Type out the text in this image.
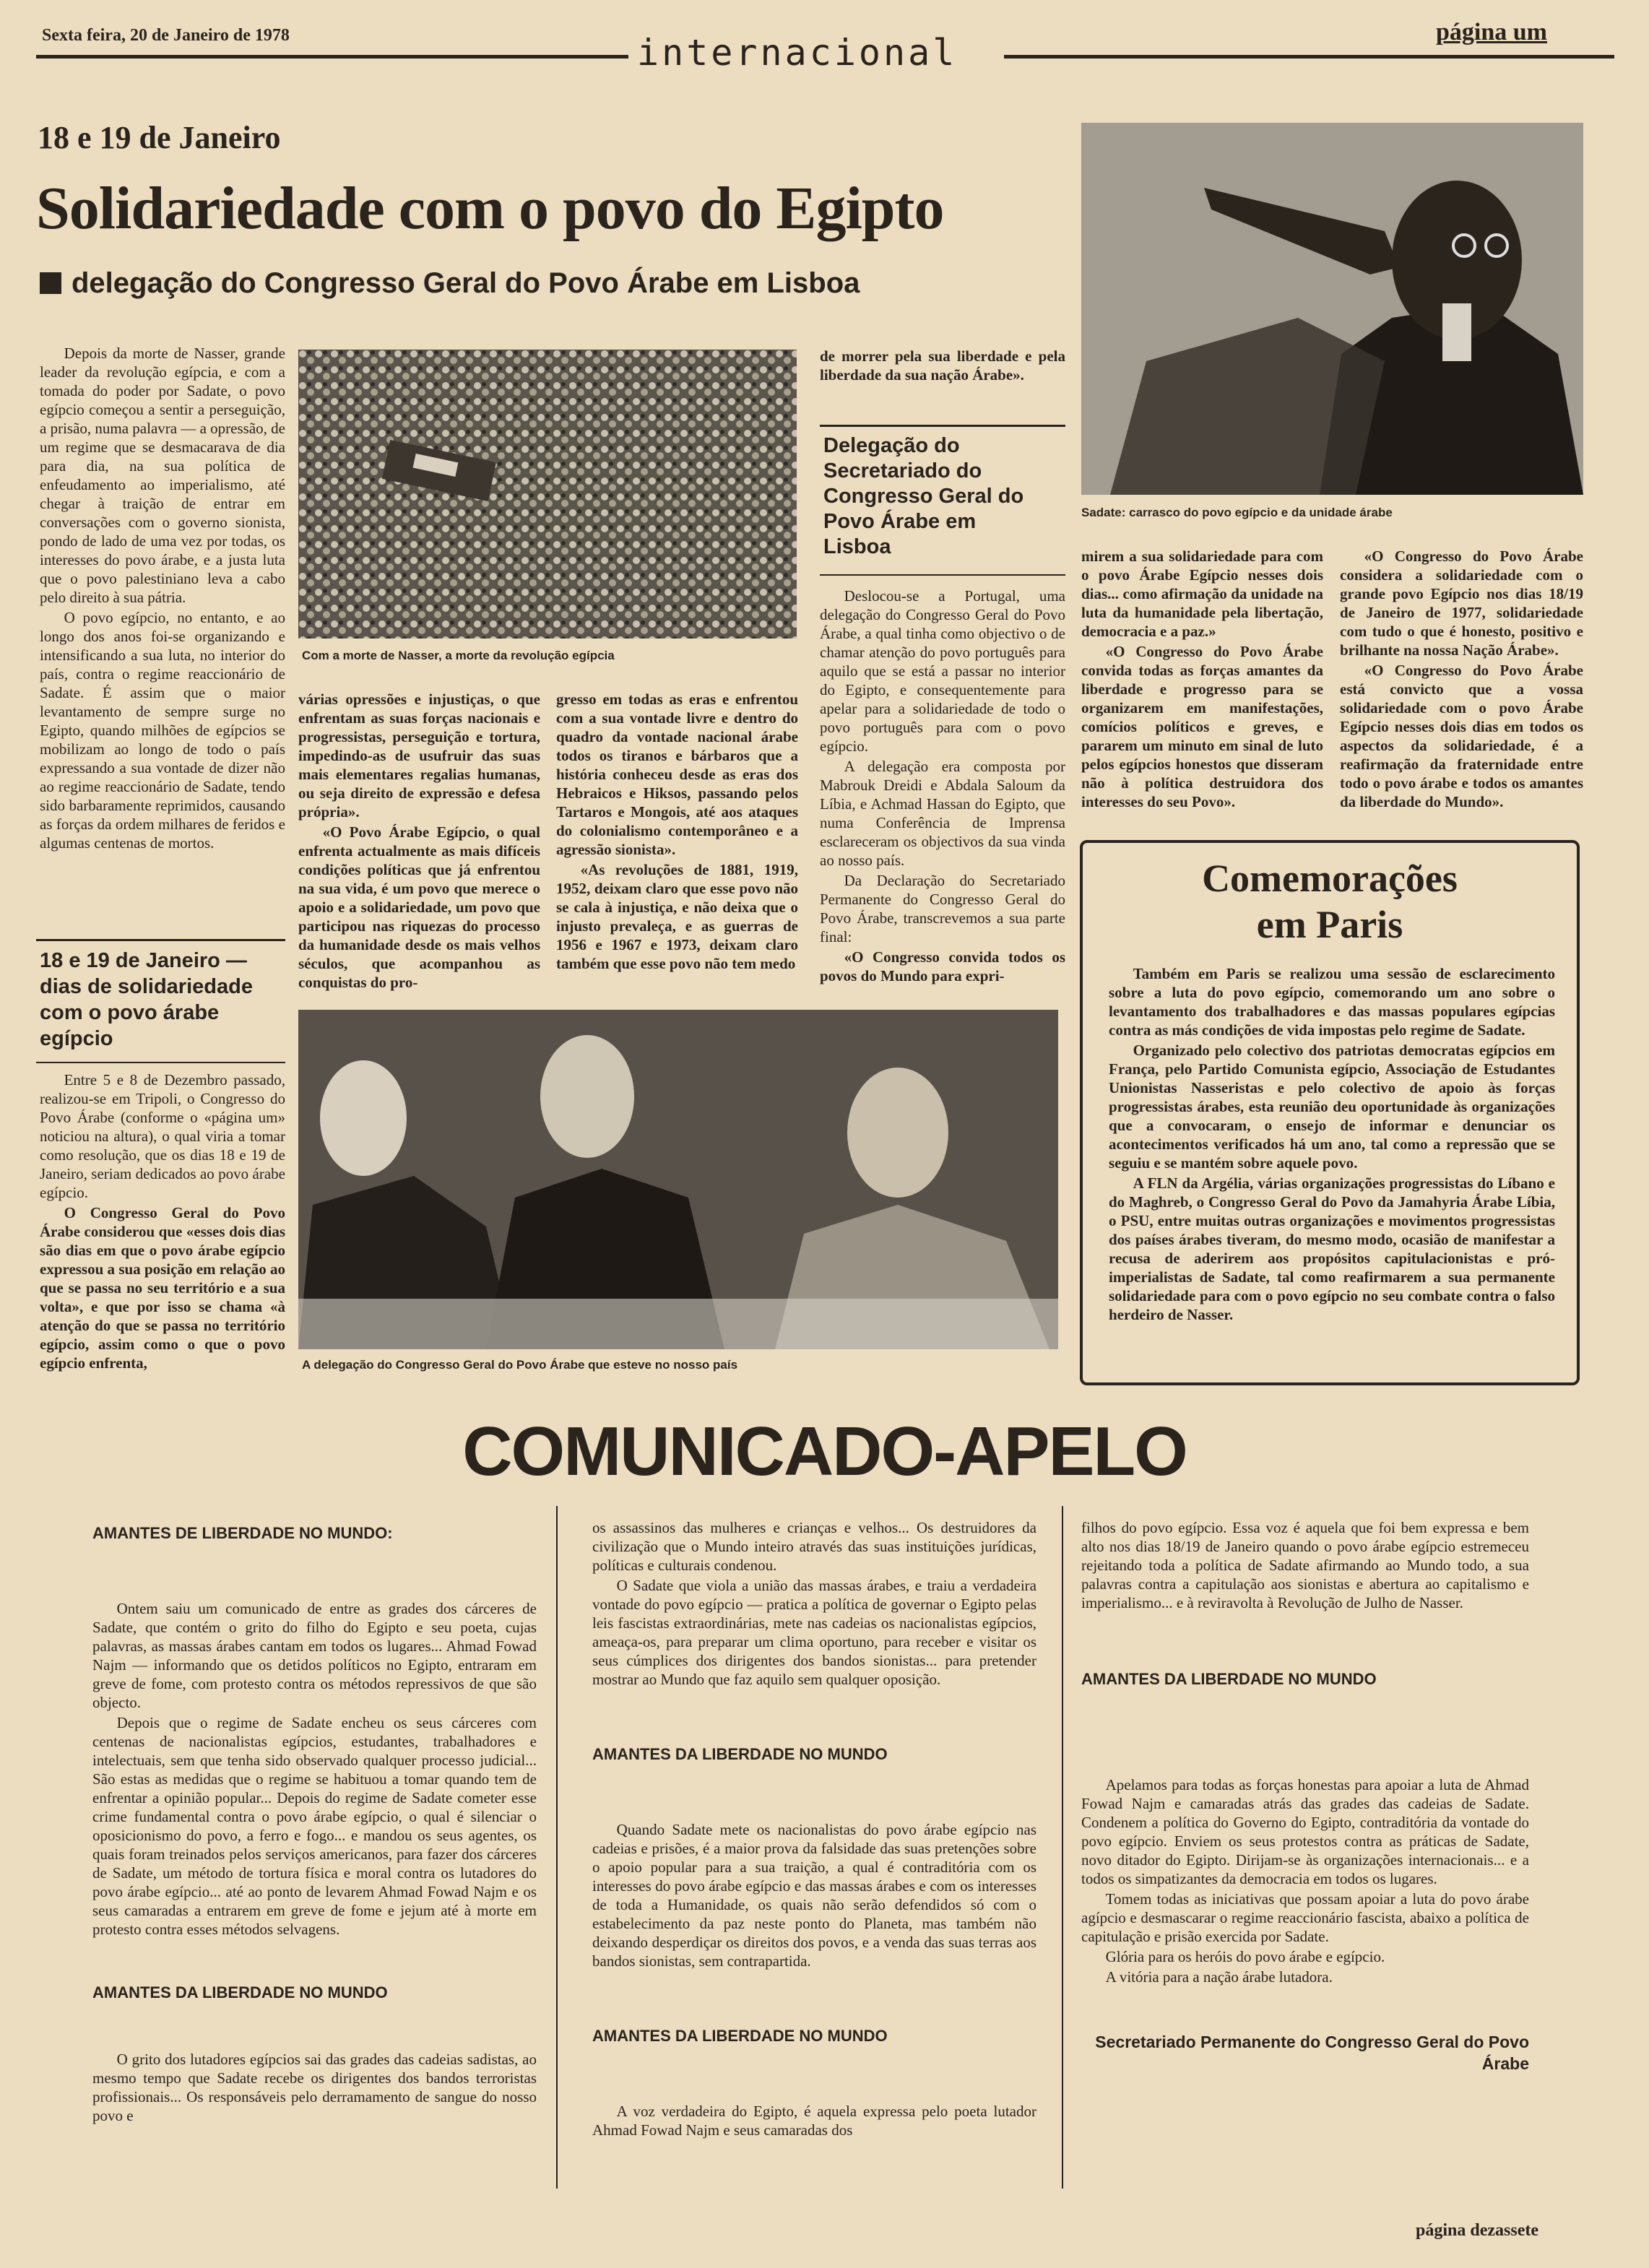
Sexta feira, 20 de Janeiro de 1978	internacional	página um
18 e 19 de Janeiro
Solidariedade com o povo do Egipto
delegação do Congresso Geral do Povo Árabe em Lisboa

Depois da morte de Nasser, grande leader da revolução egípcia, e com a tomada do poder por Sadate, o povo egípcio começou a sentir a perseguição, a prisão, numa palavra — a opressão, de um regime que se desmacarava de dia para dia, na sua política de enfeudamento ao imperialismo, até chegar à traição de entrar em conversações com o governo sionista, pondo de lado de uma vez por todas, os interesses do povo árabe, e a justa luta que o povo palestiniano leva a cabo pelo direito à sua pátria.

O povo egípcio, no entanto, e ao longo dos anos foi-se organizando e intensificando a sua luta, no interior do país, contra o regime reaccionário de Sadate. É assim que o maior levantamento de sempre surge no Egipto, quando milhões de egípcios se mobilizam ao longo de todo o país expressando a sua vontade de dizer não ao regime reaccionário de Sadate, tendo sido barbaramente reprimidos, causando as forças da ordem milhares de feridos e algumas centenas de mortos.

18 e 19 de Janeiro — dias de solidariedade com o povo árabe egípcio

Entre 5 e 8 de Dezembro passado, realizou-se em Tripoli, o Congresso do Povo Árabe (conforme o «página um» noticiou na altura), o qual viria a tomar como resolução, que os dias 18 e 19 de Janeiro, seriam dedicados ao povo árabe egípcio.

O Congresso Geral do Povo Árabe considerou que «esses dois dias são dias em que o povo árabe egípcio expressou a sua posição em relação ao que se passa no seu território e a sua volta», e que por isso se chama «à atenção do que se passa no território egípcio, assim como o que o povo egípcio enfrenta,

Com a morte de Nasser, a morte da revolução egípcia

várias opressões e injustiças, o que enfrentam as suas forças nacionais e progressistas, perseguição e tortura, impedindo-as de usufruir das suas mais elementares regalias humanas, ou seja direito de expressão e defesa própria».

«O Povo Árabe Egípcio, o qual enfrenta actualmente as mais difíceis condições políticas que já enfrentou na sua vida, é um povo que merece o apoio e a solidariedade, um povo que participou nas riquezas do processo da humanidade desde os mais velhos séculos, que acompanhou as conquistas do pro-

gresso em todas as eras e enfrentou com a sua vontade livre e dentro do quadro da vontade nacional árabe todos os tiranos e bárbaros que a história conheceu desde as eras dos Hebraicos e Hiksos, passando pelos Tartaros e Mongois, até aos ataques do colonialismo contemporâneo e a agressão sionista».

«As revoluções de 1881, 1919, 1952, deixam claro que esse povo não se cala à injustiça, e não deixa que o injusto prevaleça, e as guerras de 1956 e 1967 e 1973, deixam claro também que esse povo não tem medo

de morrer pela sua liberdade e pela liberdade da sua nação Árabe».

Delegação do Secretariado do Congresso Geral do Povo Árabe em Lisboa

Deslocou-se a Portugal, uma delegação do Congresso Geral do Povo Árabe, a qual tinha como objectivo o de chamar atenção do povo português para aquilo que se está a passar no interior do Egipto, e consequentemente para apelar para a solidariedade de todo o povo português para com o povo egípcio.

A delegação era composta por Mabrouk Dreidi e Abdala Saloum da Líbia, e Achmad Hassan do Egipto, que numa Conferência de Imprensa esclareceram os objectivos da sua vinda ao nosso país.

Da Declaração do Secretariado Permanente do Congresso Geral do Povo Árabe, transcrevemos a sua parte final:

«O Congresso convida todos os povos do Mundo para expri-

Sadate: carrasco do povo egípcio e da unidade árabe

mirem a sua solidariedade para com o povo Árabe Egípcio nesses dois dias... como afirmação da unidade na luta da humanidade pela libertação, democracia e a paz.»

«O Congresso do Povo Árabe convida todas as forças amantes da liberdade e progresso para se organizarem em manifestações, comícios políticos e greves, e pararem um minuto em sinal de luto pelos egípcios honestos que disseram não à política destruidora dos interesses do seu Povo».

«O Congresso do Povo Árabe considera a solidariedade com o grande povo Egípcio nos dias 18/19 de Janeiro de 1977, solidariedade com tudo o que é honesto, positivo e brilhante na nossa Nação Árabe».

«O Congresso do Povo Árabe está convicto que a vossa solidariedade com o povo Árabe Egípcio nesses dois dias em todos os aspectos da solidariedade, é a reafirmação da fraternidade entre todo o povo árabe e todos os amantes da liberdade do Mundo».

A delegação do Congresso Geral do Povo Árabe que esteve no nosso país
Comemorações
em Paris

Também em Paris se realizou uma sessão de esclarecimento sobre a luta do povo egípcio, comemorando um ano sobre o levantamento dos trabalhadores e das massas populares egípcias contra as más condições de vida impostas pelo regime de Sadate.

Organizado pelo colectivo dos patriotas democratas egípcios em França, pelo Partido Comunista egípcio, Associação de Estudantes Unionistas Nasseristas e pelo colectivo de apoio às forças progressistas árabes, esta reunião deu oportunidade às organizações que a convocaram, o ensejo de informar e denunciar os acontecimentos verificados há um ano, tal como a repressão que se seguiu e se mantém sobre aquele povo.

A FLN da Argélia, várias organizações progressistas do Líbano e do Maghreb, o Congresso Geral do Povo da Jamahyria Árabe Líbia, o PSU, entre muitas outras organizações e movimentos progressistas dos países árabes tiveram, do mesmo modo, ocasião de manifestar a recusa de aderirem aos propósitos capitulacionistas e pró-imperialistas de Sadate, tal como reafirmarem a sua permanente solidariedade para com o povo egípcio no seu combate contra o falso herdeiro de Nasser.

COMUNICADO-APELO
AMANTES DE LIBERDADE NO MUNDO:

Ontem saiu um comunicado de entre as grades dos cárceres de Sadate, que contém o grito do filho do Egipto e seu poeta, cujas palavras, as massas árabes cantam em todos os lugares... Ahmad Fowad Najm — informando que os detidos políticos no Egipto, entraram em greve de fome, com protesto contra os métodos repressivos de que são objecto.

Depois que o regime de Sadate encheu os seus cárceres com centenas de nacionalistas egípcios, estudantes, trabalhadores e intelectuais, sem que tenha sido observado qualquer processo judicial... São estas as medidas que o regime se habituou a tomar quando tem de enfrentar a opinião popular... Depois do regime de Sadate cometer esse crime fundamental contra o povo árabe egípcio, o qual é silenciar o oposicionismo do povo, a ferro e fogo... e mandou os seus agentes, os quais foram treinados pelos serviços americanos, para fazer dos cárceres de Sadate, um método de tortura física e moral contra os lutadores do povo árabe egípcio... até ao ponto de levarem Ahmad Fowad Najm e os seus camaradas a entrarem em greve de fome e jejum até à morte em protesto contra esses métodos selvagens.

AMANTES DA LIBERDADE NO MUNDO

O grito dos lutadores egípcios sai das grades das cadeias sadistas, ao mesmo tempo que Sadate recebe os dirigentes dos bandos terroristas profissionais... Os responsáveis pelo derramamento de sangue do nosso povo e

os assassinos das mulheres e crianças e velhos... Os destruidores da civilização que o Mundo inteiro através das suas instituições jurídicas, políticas e culturais condenou.

O Sadate que viola a união das massas árabes, e traiu a verdadeira vontade do povo egípcio — pratica a política de governar o Egipto pelas leis fascistas extraordinárias, mete nas cadeias os nacionalistas egípcios, ameaça-os, para preparar um clima oportuno, para receber e visitar os seus cúmplices dos dirigentes dos bandos sionistas... para pretender mostrar ao Mundo que faz aquilo sem qualquer oposição.

AMANTES DA LIBERDADE NO MUNDO

Quando Sadate mete os nacionalistas do povo árabe egípcio nas cadeias e prisões, é a maior prova da falsidade das suas pretenções sobre o apoio popular para a sua traição, a qual é contraditória com os interesses do povo árabe egípcio e das massas árabes e com os interesses de toda a Humanidade, os quais não serão defendidos só com o estabelecimento da paz neste ponto do Planeta, mas também não deixando desperdiçar os direitos dos povos, e a venda das suas terras aos bandos sionistas, sem contrapartida.

AMANTES DA LIBERDADE NO MUNDO

A voz verdadeira do Egipto, é aquela expressa pelo poeta lutador Ahmad Fowad Najm e seus camaradas dos

filhos do povo egípcio. Essa voz é aquela que foi bem expressa e bem alto nos dias 18/19 de Janeiro quando o povo árabe egípcio estremeceu rejeitando toda a política de Sadate afirmando ao Mundo todo, a sua palavras contra a capitulação aos sionistas e abertura ao capitalismo e imperialismo... e à reviravolta à Revolução de Julho de Nasser.

AMANTES DA LIBERDADE NO MUNDO

Apelamos para todas as forças honestas para apoiar a luta de Ahmad Fowad Najm e camaradas atrás das grades das cadeias de Sadate. Condenem a política do Governo do Egipto, contraditória da vontade do povo egípcio. Enviem os seus protestos contra as práticas de Sadate, novo ditador do Egipto. Dirijam-se às organizações internacionais... e a todos os simpatizantes da democracia em todos os lugares.

Tomem todas as iniciativas que possam apoiar a luta do povo árabe agípcio e desmascarar o regime reaccionário fascista, abaixo a política de capitulação e prisão exercida por Sadate.

Glória para os heróis do povo árabe e egípcio.

A vitória para a nação árabe lutadora.

Secretariado Permanente do Congresso Geral do Povo Árabe
página dezassete
